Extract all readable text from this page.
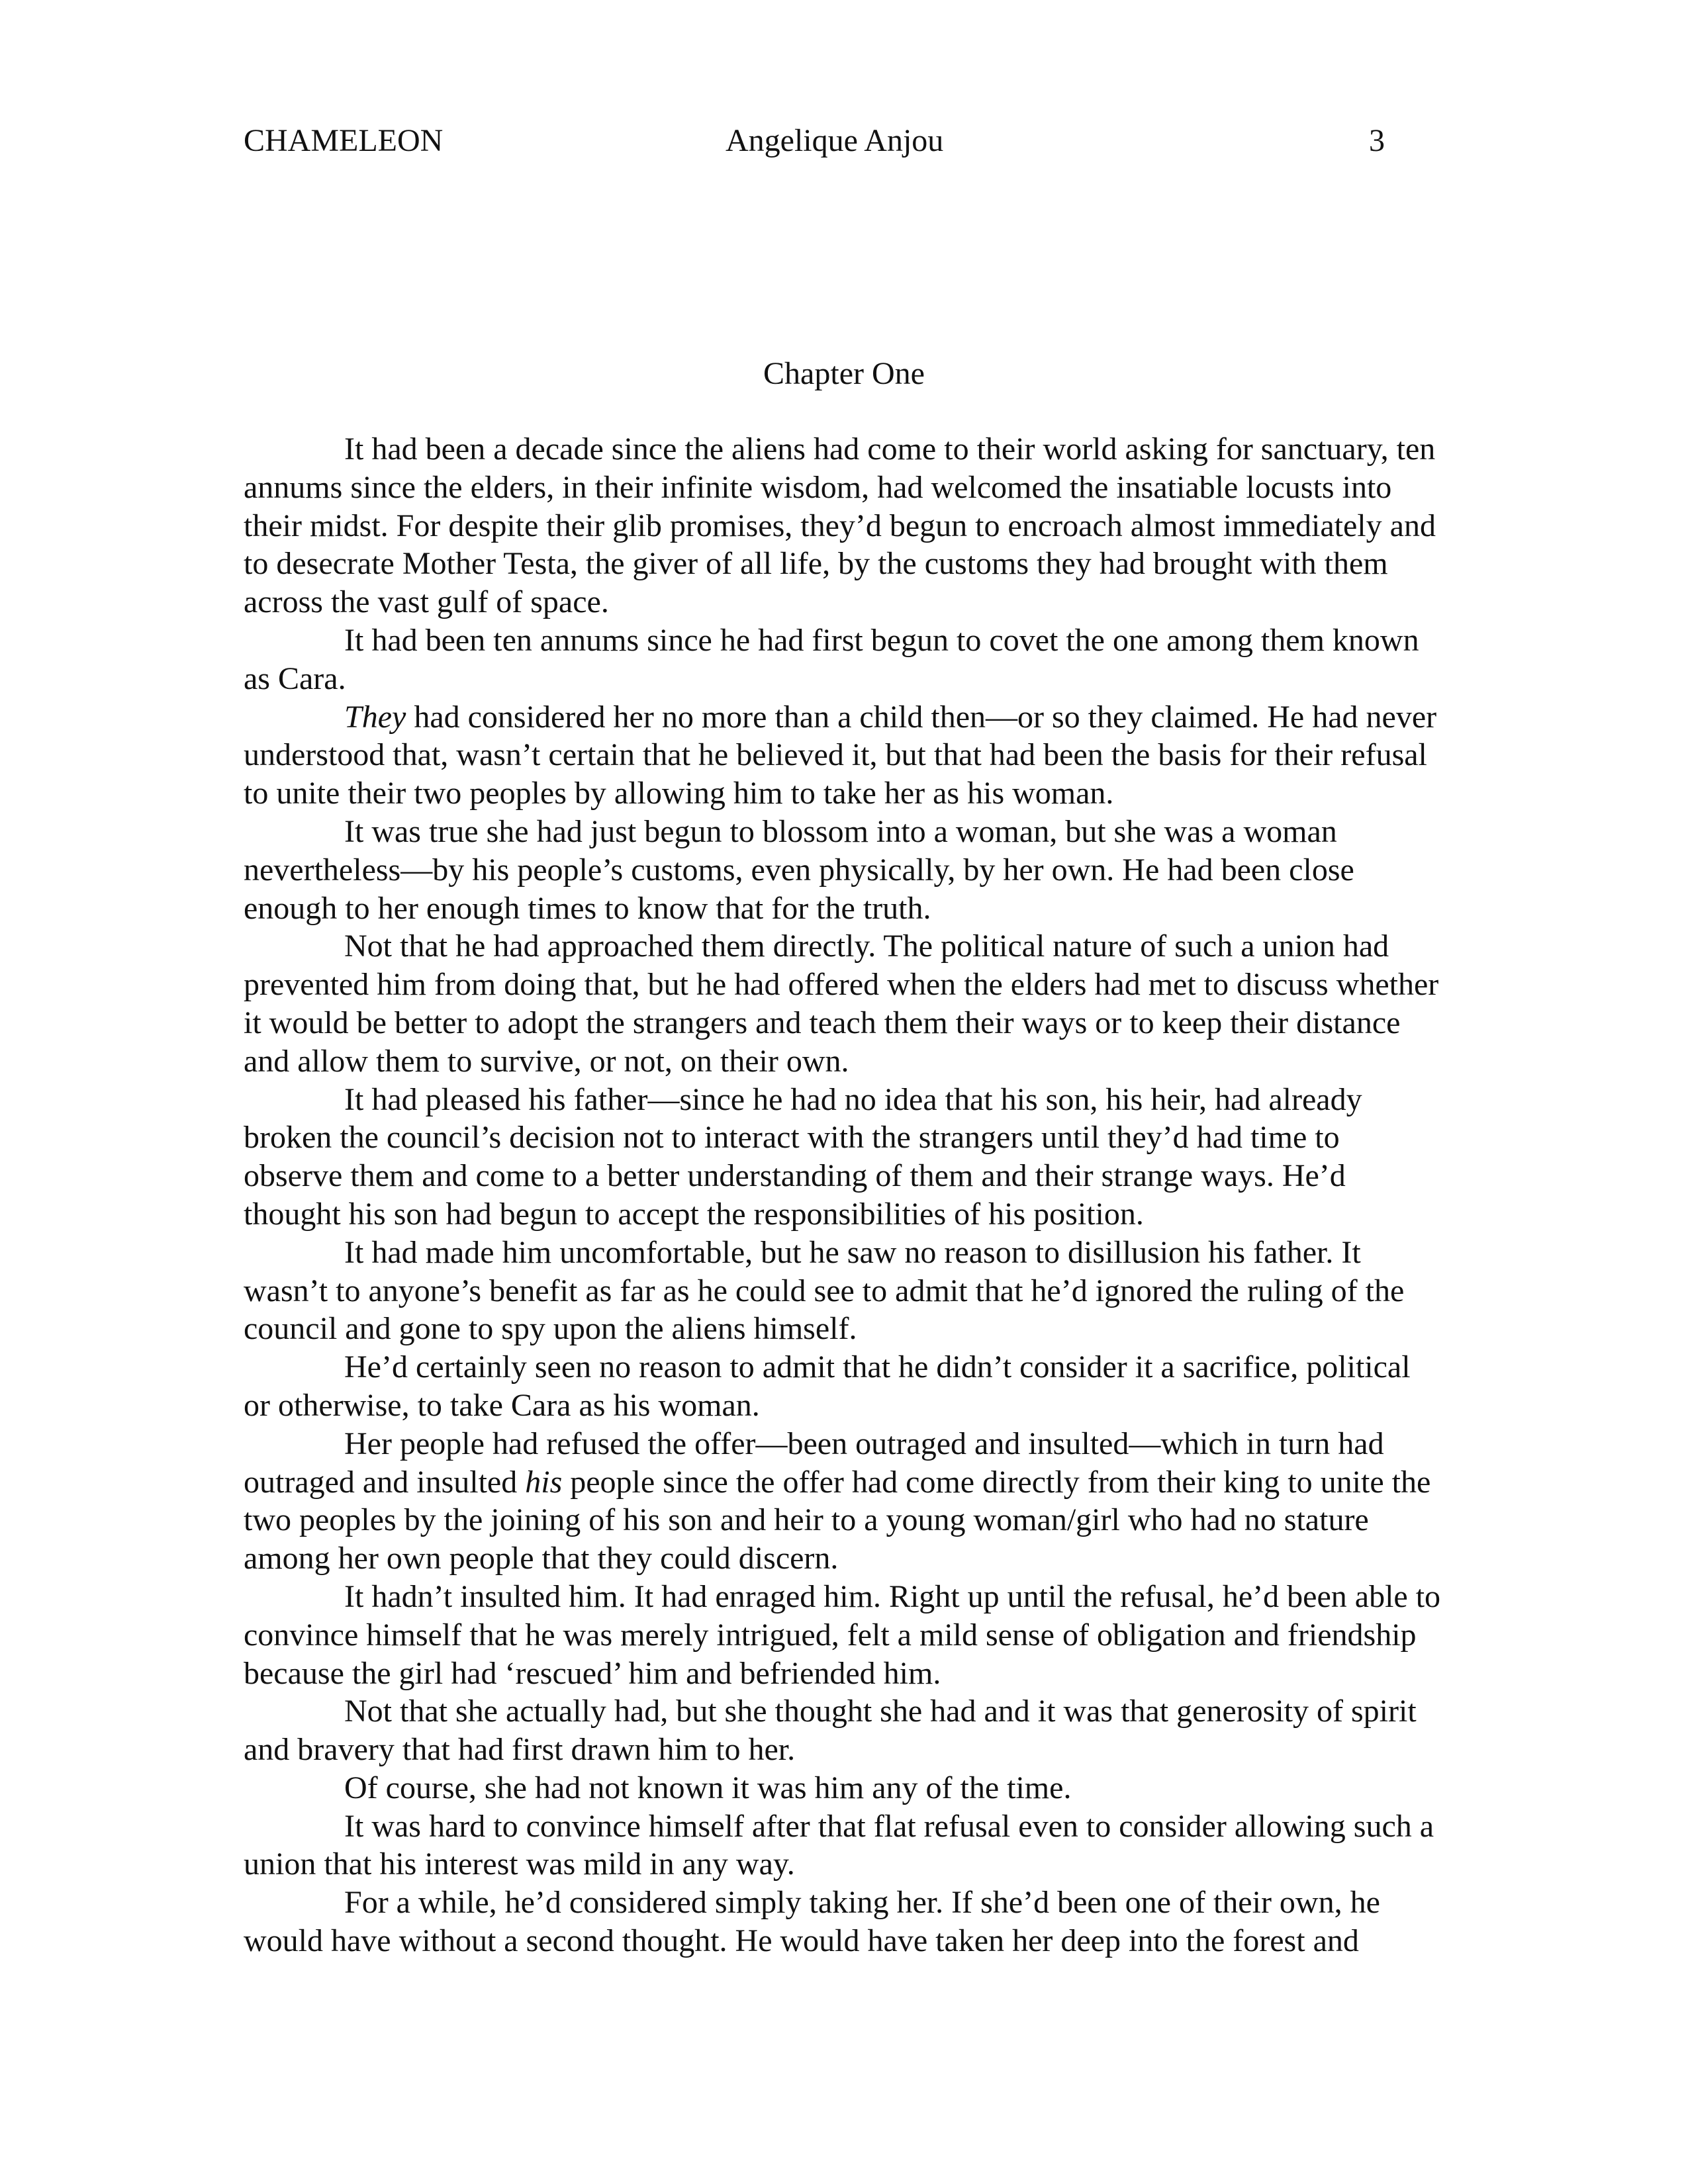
CHAMELEON	Angelique Anjou	3
Chapter One

It had been a decade since the aliens had come to their world asking for sanctuary, ten annums since the elders, in their infinite wisdom, had welcomed the insatiable locusts into their midst. For despite their glib promises, they’d begun to encroach almost immediately and to desecrate Mother Testa, the giver of all life, by the customs they had brought with them across the vast gulf of space.

It had been ten annums since he had first begun to covet the one among them known as Cara.

They had considered her no more than a child then—or so they claimed. He had never understood that, wasn’t certain that he believed it, but that had been the basis for their refusal to unite their two peoples by allowing him to take her as his woman.

It was true she had just begun to blossom into a woman, but she was a woman nevertheless—by his people’s customs, even physically, by her own. He had been close enough to her enough times to know that for the truth.

Not that he had approached them directly. The political nature of such a union had prevented him from doing that, but he had offered when the elders had met to discuss whether it would be better to adopt the strangers and teach them their ways or to keep their distance and allow them to survive, or not, on their own.

It had pleased his father—since he had no idea that his son, his heir, had already broken the council’s decision not to interact with the strangers until they’d had time to observe them and come to a better understanding of them and their strange ways. He’d thought his son had begun to accept the responsibilities of his position.

It had made him uncomfortable, but he saw no reason to disillusion his father. It wasn’t to anyone’s benefit as far as he could see to admit that he’d ignored the ruling of the council and gone to spy upon the aliens himself.

He’d certainly seen no reason to admit that he didn’t consider it a sacrifice, political or otherwise, to take Cara as his woman.

Her people had refused the offer—been outraged and insulted—which in turn had outraged and insulted his people since the offer had come directly from their king to unite the two peoples by the joining of his son and heir to a young woman/girl who had no stature among her own people that they could discern.

It hadn’t insulted him. It had enraged him. Right up until the refusal, he’d been able to convince himself that he was merely intrigued, felt a mild sense of obligation and friendship because the girl had ‘rescued’ him and befriended him.

Not that she actually had, but she thought she had and it was that generosity of spirit and bravery that had first drawn him to her.

Of course, she had not known it was him any of the time.

It was hard to convince himself after that flat refusal even to consider allowing such a union that his interest was mild in any way.

For a while, he’d considered simply taking her. If she’d been one of their own, he would have without a second thought. He would have taken her deep into the forest and
